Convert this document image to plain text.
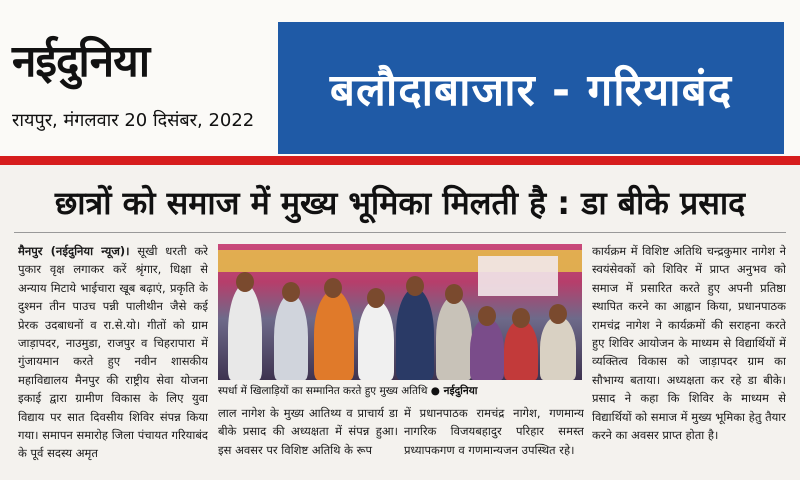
नईदुनिया
रायपुर, मंगलवार 20 दिसंबर, 2022
बलौदाबाजार - गरियाबंद
छात्रों को समाज में मुख्य भूमिका मिलती है : डा बीके प्रसाद
मैनपुर (नईदुनिया न्यूज)। सूखी धरती करे पुकार वृक्ष लगाकर करें श्रृंगार, धिक्षा से अन्याय मिटाये भाईचारा खूब बढ़ाएं, प्रकृति के दुश्मन तीन पाउच पन्नी पालीथीन जैसे कई प्रेरक उदबाधनों व रा.से.यो। गीतों को ग्राम जाड़ापदर, नाउमुडा, राजपुर व चिहरापारा में गुंजायमान करते हुए नवीन शासकीय महाविद्यालय मैनपुर की राष्ट्रीय सेवा योजना इकाई द्वारा ग्रामीण विकास के लिए युवा विद्याय पर सात दिवसीय शिविर संपन्न किया गया। समापन समारोह जिला पंचायत गरियाबंद के पूर्व सदस्य अमृत
स्पर्धा में खिलाड़ियों का सम्मानित करते हुए मुख्य अतिथि ● नईदुनिया
लाल नागेश के मुख्य आतिथ्य व प्राचार्य डा बीके प्रसाद की अध्यक्षता में संपन्न हुआ। इस अवसर पर विशिष्ट अतिथि के रूप
में प्रधानपाठक रामचंद्र नागेश, गणमान्य नागरिक विजयबहादुर परिहार समस्त प्रध्यापकगण व गणमान्यजन उपस्थित रहे।
कार्यक्रम में विशिष्ट अतिथि चन्द्रकुमार नागेश ने स्वयंसेवकों को शिविर में प्राप्त अनुभव को समाज में प्रसारित करते हुए अपनी प्रतिष्ठा स्थापित करने का आह्वान किया, प्रधानपाठक रामचंद्र नागेश ने कार्यक्रमों की सराहना करते हुए शिविर आयोजन के माध्यम से विद्यार्थियों में व्यक्तित्व विकास को जाड़ापदर ग्राम का सौभाग्य बताया। अध्यक्षता कर रहे डा बीके। प्रसाद ने कहा कि शिविर के माध्यम से विद्यार्थियों को समाज में मुख्य भूमिका हेतु तैयार करने का अवसर प्राप्त होता है।
